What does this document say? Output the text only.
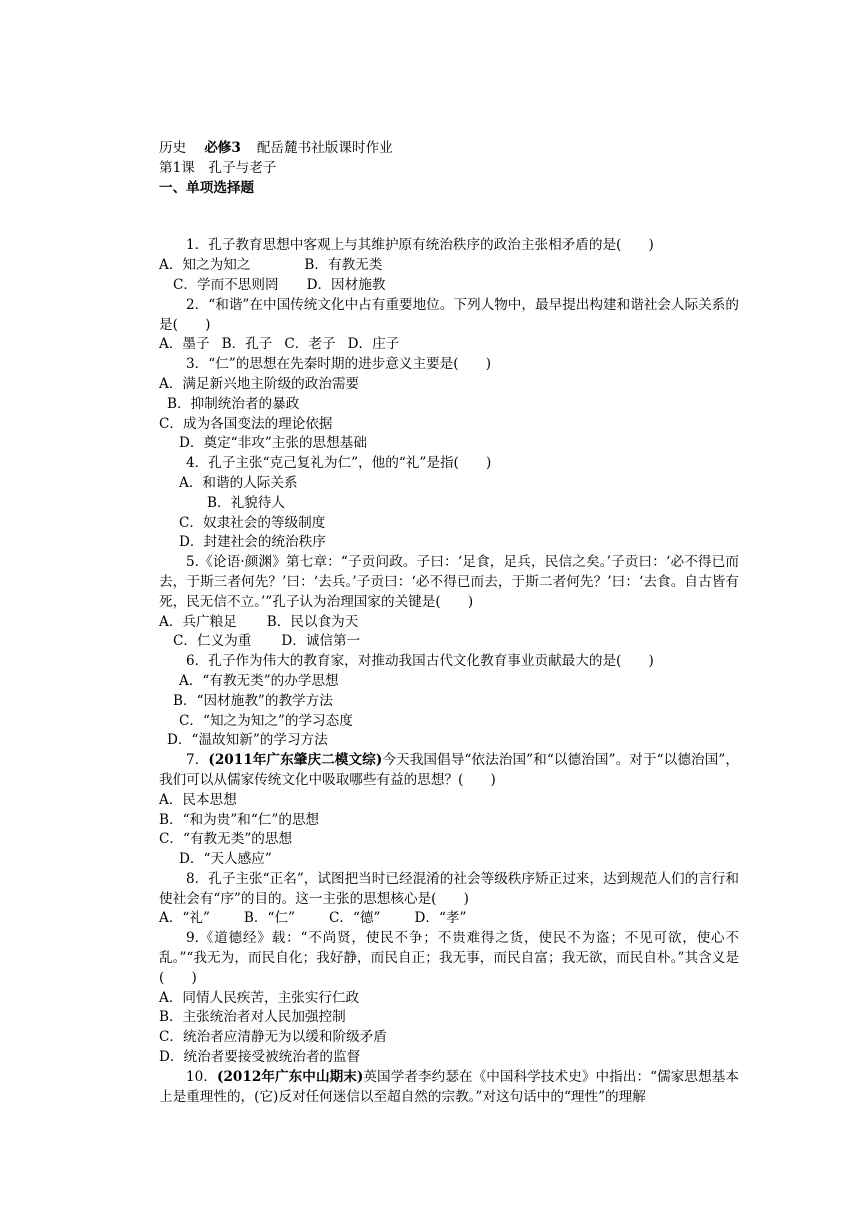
历史 必修3 配岳麓书社版课时作业
第1课　孔子与老子
一、单项选择题
1．孔子教育思想中客观上与其维护原有统治秩序的政治主张相矛盾的是(　　)
A．知之为知之	B．有教无类
C．学而不思则罔 D．因材施教
2．“和谐”在中国传统文化中占有重要地位。下列人物中，最早提出构建和谐社会人际关系的是(　　)
A．墨子 B．孔子 C．老子 D．庄子
3．“仁”的思想在先秦时期的进步意义主要是(　　)
A．满足新兴地主阶级的政治需要
B．抑制统治者的暴政
C．成为各国变法的理论依据
D．奠定“非攻”主张的思想基础
4．孔子主张“克己复礼为仁”，他的“礼”是指(　　)
A．和谐的人际关系
B．礼貌待人
C．奴隶社会的等级制度
D．封建社会的统治秩序
5.《论语·颜渊》第七章：“子贡问政。子曰：‘足食，足兵，民信之矣。’子贡曰：‘必不得已而去，于斯三者何先？’曰：‘去兵。’子贡曰：‘必不得已而去，于斯二者何先？’曰：‘去食。自古皆有死，民无信不立。’”孔子认为治理国家的关键是(　　)
A．兵广粮足 B．民以食为天
C．仁义为重 D．诚信第一
6．孔子作为伟大的教育家，对推动我国古代文化教育事业贡献最大的是(　　)
A．“有教无类”的办学思想
B．“因材施教”的教学方法
C．“知之为知之”的学习态度
D．“温故知新”的学习方法
7．(2011年广东肇庆二模文综)今天我国倡导“依法治国”和“以德治国”。对于“以德治国”，我们可以从儒家传统文化中吸取哪些有益的思想？(　　)
A．民本思想
B．“和为贵”和“仁”的思想
C．“有教无类”的思想
D．“天人感应”
8．孔子主张“正名”，试图把当时已经混淆的社会等级秩序矫正过来，达到规范人们的言行和使社会有“序”的目的。这一主张的思想核心是(　　)
A．“礼”	B．“仁”	C．“德”	D．“孝”
9.《道德经》载：“不尚贤，使民不争；不贵难得之货，使民不为盗；不见可欲，使心不乱。”“我无为，而民自化；我好静，而民自正；我无事，而民自富；我无欲，而民自朴。”其含义是(　　)
A．同情人民疾苦，主张实行仁政
B．主张统治者对人民加强控制
C．统治者应清静无为以缓和阶级矛盾
D．统治者要接受被统治者的监督
10．(2012年广东中山期末)英国学者李约瑟在《中国科学技术史》中指出：“儒家思想基本上是重理性的，(它)反对任何迷信以至超自然的宗教。”对这句话中的“理性”的理解
